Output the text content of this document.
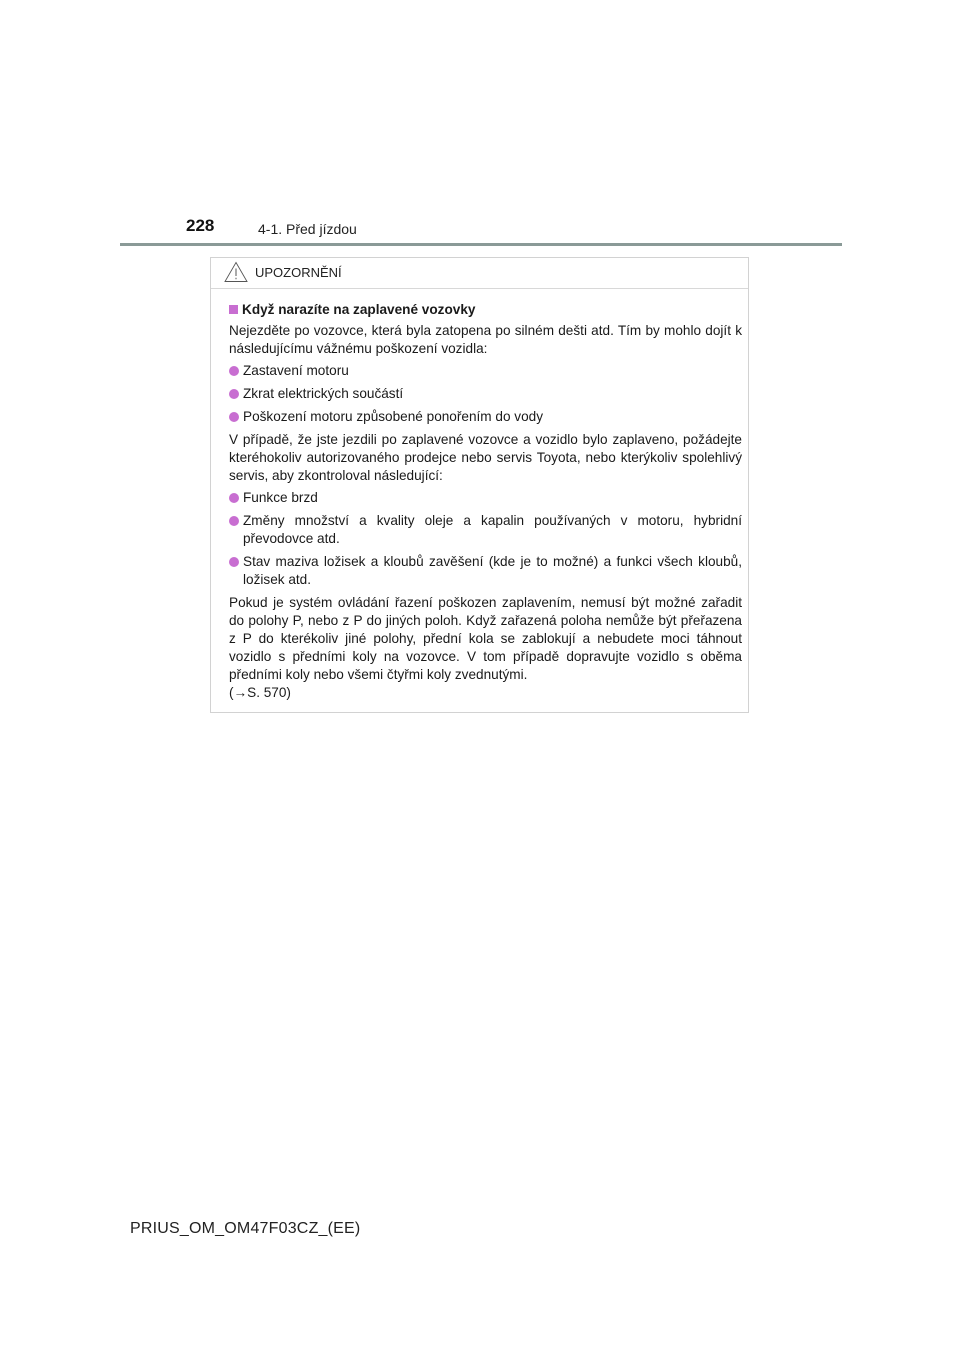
228	4-1. Před jízdou
UPOZORNĚNÍ

Když narazíte na zaplavené vozovky

Nejezděte po vozovce, která byla zatopena po silném dešti atd. Tím by mohlo dojít k následujícímu vážnému poškození vozidla:

Zastavení motoru
Zkrat elektrických součástí
Poškození motoru způsobené ponořením do vody

V případě, že jste jezdili po zaplavené vozovce a vozidlo bylo zaplaveno, požádejte kteréhokoliv autorizovaného prodejce nebo servis Toyota, nebo kterýkoliv spolehlivý servis, aby zkontroloval následující:

Funkce brzd
Změny množství a kvality oleje a kapalin používaných v motoru, hybridní převodovce atd.
Stav maziva ložisek a kloubů zavěšení (kde je to možné) a funkci všech kloubů, ložisek atd.

Pokud je systém ovládání řazení poškozen zaplavením, nemusí být možné zařadit do polohy P, nebo z P do jiných poloh. Když zařazená poloha nemůže být přeřazena z P do kterékoliv jiné polohy, přední kola se zablokují a nebudete moci táhnout vozidlo s předními koly na vozovce. V tom případě dopravujte vozidlo s oběma předními koly nebo všemi čtyřmi koly zvednutými.
(→S. 570)

PRIUS_OM_OM47F03CZ_(EE)
